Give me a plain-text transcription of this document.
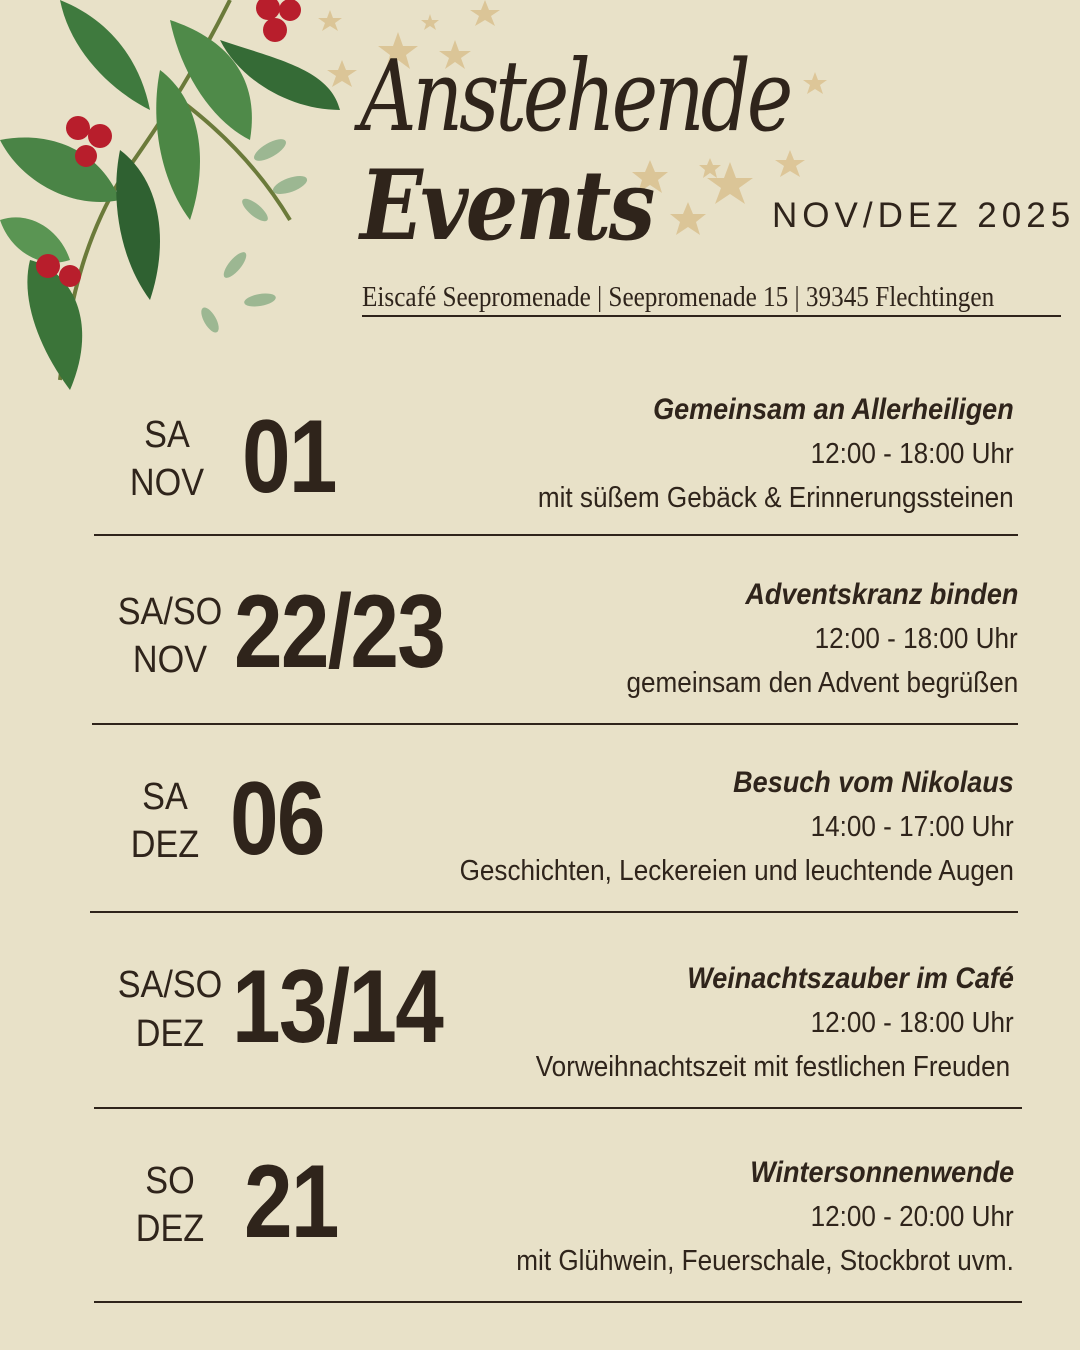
Anstehende
Events	NOV/DEZ 2025
Eiscafé Seepromenade | Seepromenade 15 | 39345 Flechtingen
SA
NOV 01	Gemeinsam an Allerheiligen
12:00 - 18:00 Uhr
mit süßem Gebäck & Erinnerungssteinen
SA/SO
NOV 22/23	Adventskranz binden
12:00 - 18:00 Uhr
gemeinsam den Advent begrüßen
SA
DEZ 06	Besuch vom Nikolaus
14:00 - 17:00 Uhr
Geschichten, Leckereien und leuchtende Augen
SA/SO
DEZ 13/14	Weinachtszauber im Café
12:00 - 18:00 Uhr
Vorweihnachtszeit mit festlichen Freuden
SO
DEZ 21	Wintersonnenwende
12:00 - 20:00 Uhr
mit Glühwein, Feuerschale, Stockbrot uvm.
